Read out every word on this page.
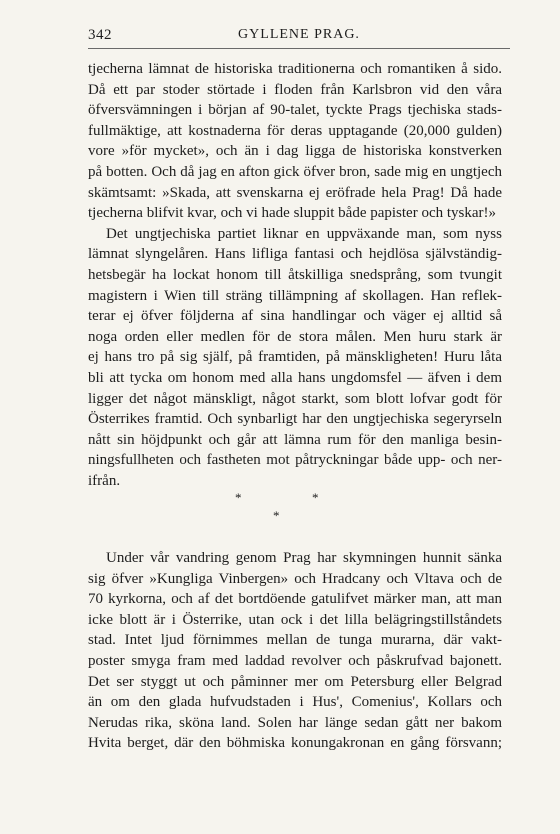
342	GYLLENE PRAG.
tjecherna lämnat de historiska traditionerna och romantiken å sido.
Då ett par stoder störtade i floden från Karlsbron vid den våra
öfversvämningen i början af 90-talet, tyckte Prags tjechiska stads-
fullmäktige, att kostnaderna för deras upptagande (20,000 gulden)
vore »för mycket», och än i dag ligga de historiska konstverken
på botten. Och då jag en afton gick öfver bron, sade mig en ungtjech
skämtsamt: »Skada, att svenskarna ej eröfrade hela Prag! Då hade
tjecherna blifvit kvar, och vi hade sluppit både papister och tyskar!»
Det ungtjechiska partiet liknar en uppväxande man, som nyss
lämnat slyngelåren. Hans lifliga fantasi och hejdlösa självständig-
hetsbegär ha lockat honom till åtskilliga snedsprång, som tvungit
magistern i Wien till sträng tillämpning af skollagen. Han reflek-
terar ej öfver följderna af sina handlingar och väger ej alltid så
noga orden eller medlen för de stora målen. Men huru stark är
ej hans tro på sig själf, på framtiden, på mänskligheten! Huru låta
bli att tycka om honom med alla hans ungdomsfel — äfven i dem
ligger det något mänskligt, något starkt, som blott lofvar godt för
Österrikes framtid. Och synbarligt har den ungtjechiska segeryrseln
nått sin höjdpunkt och går att lämna rum för den manliga besin-
ningsfullheten och fastheten mot påtryckningar både upp- och ner-
ifrån.
*	*
*
Under vår vandring genom Prag har skymningen hunnit sänka
sig öfver »Kungliga Vinbergen» och Hradcany och Vltava och de
70 kyrkorna, och af det bortdöende gatulifvet märker man, att man
icke blott är i Österrike, utan ock i det lilla belägringstillståndets
stad. Intet ljud förnimmes mellan de tunga murarna, där vakt-
poster smyga fram med laddad revolver och påskrufvad bajonett.
Det ser styggt ut och påminner mer om Petersburg eller Belgrad
än om den glada hufvudstaden i Hus', Comenius', Kollars och
Nerudas rika, sköna land. Solen har länge sedan gått ner bakom
Hvita berget, där den böhmiska konungakronan en gång försvann;
